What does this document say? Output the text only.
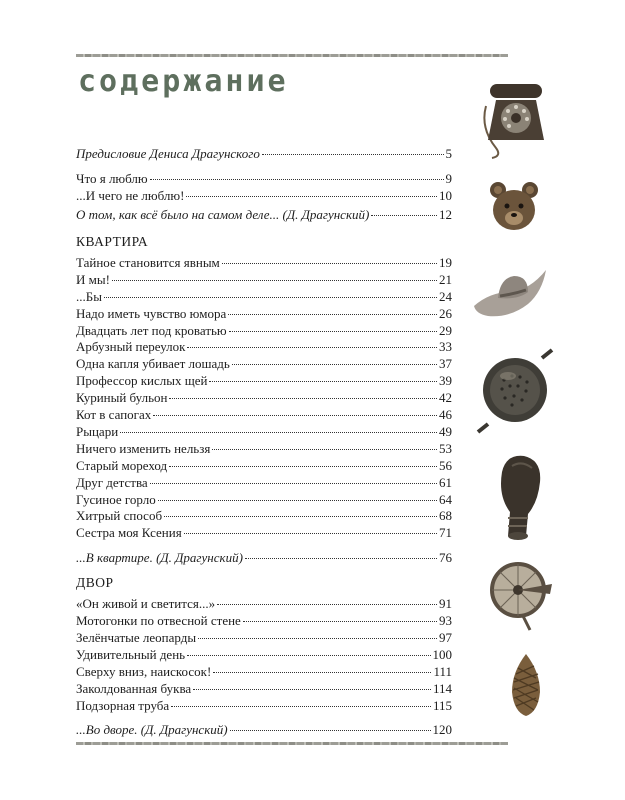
содержание
Предисловие Дениса Драгунского	5
Что я люблю	9
...И чего не люблю!	10
О том, как всё было на самом деле... (Д. Драгунский)	12
КВАРТИРА
Тайное становится явным	19
И мы!	21
...Бы	24
Надо иметь чувство юмора	26
Двадцать лет под кроватью	29
Арбузный переулок	33
Одна капля убивает лошадь	37
Профессор кислых щей	39
Куриный бульон	42
Кот в сапогах	46
Рыцари	49
Ничего изменить нельзя	53
Старый мореход	56
Друг детства	61
Гусиное горло	64
Хитрый способ	68
Сестра моя Ксения	71
...В квартире. (Д. Драгунский)	76
ДВОР
«Он живой и светится...»	91
Мотогонки по отвесной стене	93
Зелёнчатые леопарды	97
Удивительный день	100
Сверху вниз, наискосок!	111
Заколдованная буква	114
Подзорная труба	115
...Во дворе. (Д. Драгунский)	120
